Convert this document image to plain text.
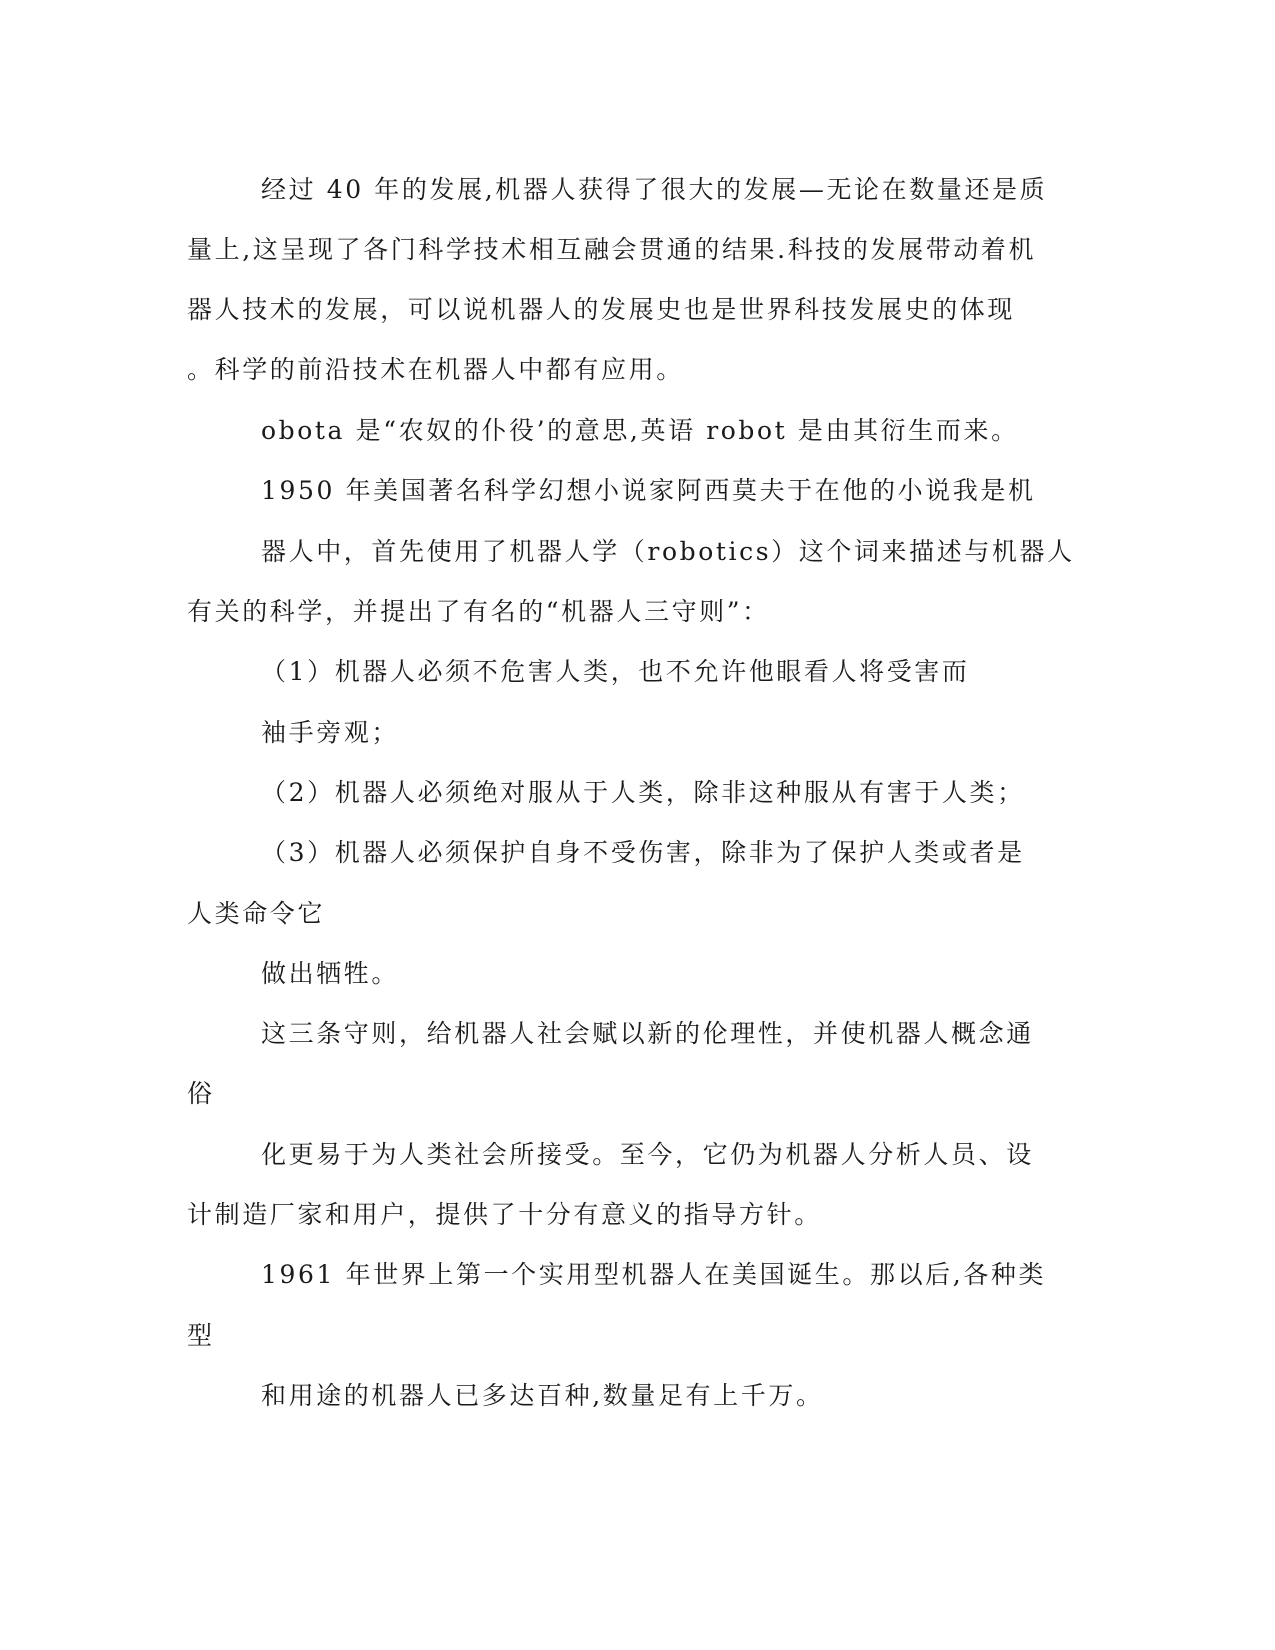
经过 40 年的发展,机器人获得了很大的发展—无论在数量还是质
量上,这呈现了各门科学技术相互融会贯通的结果.科技的发展带动着机
器人技术的发展，可以说机器人的发展史也是世界科技发展史的体现
。科学的前沿技术在机器人中都有应用。
obota 是“农奴的仆役’的意思,英语 robot 是由其衍生而来。
1950 年美国著名科学幻想小说家阿西莫夫于在他的小说我是机
器人中，首先使用了机器人学（robotics）这个词来描述与机器人
有关的科学，并提出了有名的“机器人三守则”：
（1）机器人必须不危害人类，也不允许他眼看人将受害而
袖手旁观；
（2）机器人必须绝对服从于人类，除非这种服从有害于人类；
（3）机器人必须保护自身不受伤害，除非为了保护人类或者是
人类命令它
做出牺牲。
这三条守则，给机器人社会赋以新的伦理性，并使机器人概念通
俗
化更易于为人类社会所接受。至今，它仍为机器人分析人员、设
计制造厂家和用户，提供了十分有意义的指导方针。
1961 年世界上第一个实用型机器人在美国诞生。那以后,各种类
型
和用途的机器人已多达百种,数量足有上千万。
